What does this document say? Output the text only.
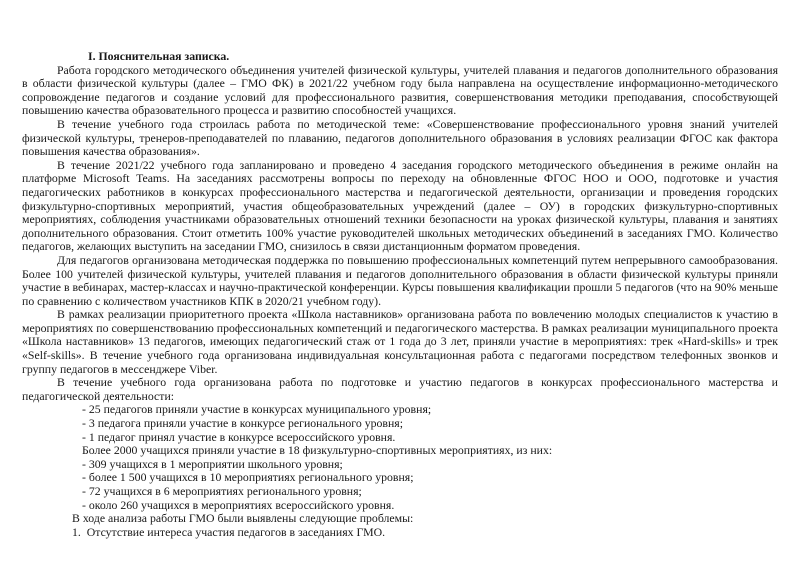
I. Пояснительная записка.

Работа городского методического объединения учителей физической культуры, учителей плавания и педагогов дополнительного образования в области физической культуры (далее – ГМО ФК) в 2021/22 учебном году была направлена на осуществление информационно-методического сопровождение педагогов и создание условий для профессионального развития, совершенствования методики преподавания, способствующей повышению качества образовательного процесса и развитию способностей учащихся.

В течение учебного года строилась работа по методической теме: «Совершенствование профессионального уровня знаний учителей физической культуры, тренеров-преподавателей по плаванию, педагогов дополнительного образования в условиях реализации ФГОС как фактора повышения качества образования».

В течение 2021/22 учебного года запланировано и проведено 4 заседания городского методического объединения в режиме онлайн на платформе Microsoft Teams. На заседаниях рассмотрены вопросы по переходу на обновленные ФГОС НОО и ООО, подготовке и участия педагогических работников в конкурсах профессионального мастерства и педагогической деятельности, организации и проведения городских физкультурно-спортивных мероприятий, участия общеобразовательных учреждений (далее – ОУ) в городских физкультурно-спортивных мероприятиях, соблюдения участниками образовательных отношений техники безопасности на уроках физической культуры, плавания и занятиях дополнительного образования. Стоит отметить 100% участие руководителей школьных методических объединений в заседаниях ГМО. Количество педагогов, желающих выступить на заседании ГМО, снизилось в связи дистанционным форматом проведения.

Для педагогов организована методическая поддержка по повышению профессиональных компетенций путем непрерывного самообразования. Более 100 учителей физической культуры, учителей плавания и педагогов дополнительного образования в области физической культуры приняли участие в вебинарах, мастер-классах и научно-практической конференции. Курсы повышения квалификации прошли 5 педагогов (что на 90% меньше по сравнению с количеством участников КПК в 2020/21 учебном году).

В рамках реализации приоритетного проекта «Школа наставников» организована работа по вовлечению молодых специалистов к участию в мероприятиях по совершенствованию профессиональных компетенций и педагогического мастерства. В рамках реализации муниципального проекта «Школа наставников» 13 педагогов, имеющих педагогический стаж от 1 года до 3 лет, приняли участие в мероприятиях: трек «Hard-skills» и трек «Self-skills». В течение учебного года организована индивидуальная консультационная работа с педагогами посредством телефонных звонков и группу педагогов в мессенджере Viber.

В течение учебного года организована работа по подготовке и участию педагогов в конкурсах профессионального мастерства и педагогической деятельности:

- 25 педагогов приняли участие в конкурсах муниципального уровня;

- 3 педагога приняли участие в конкурсе регионального уровня;

- 1 педагог принял участие в конкурсе всероссийского уровня.

Более 2000 учащихся приняли участие в 18 физкультурно-спортивных мероприятиях, из них:

- 309 учащихся в 1 мероприятии школьного уровня;

- более 1 500 учащихся в 10 мероприятиях регионального уровня;

- 72 учащихся в 6 мероприятиях регионального уровня;

- около 260 учащихся в мероприятиях всероссийского уровня.

В ходе анализа работы ГМО были выявлены следующие проблемы:

1.  Отсутствие интереса участия педагогов в заседаниях ГМО.
